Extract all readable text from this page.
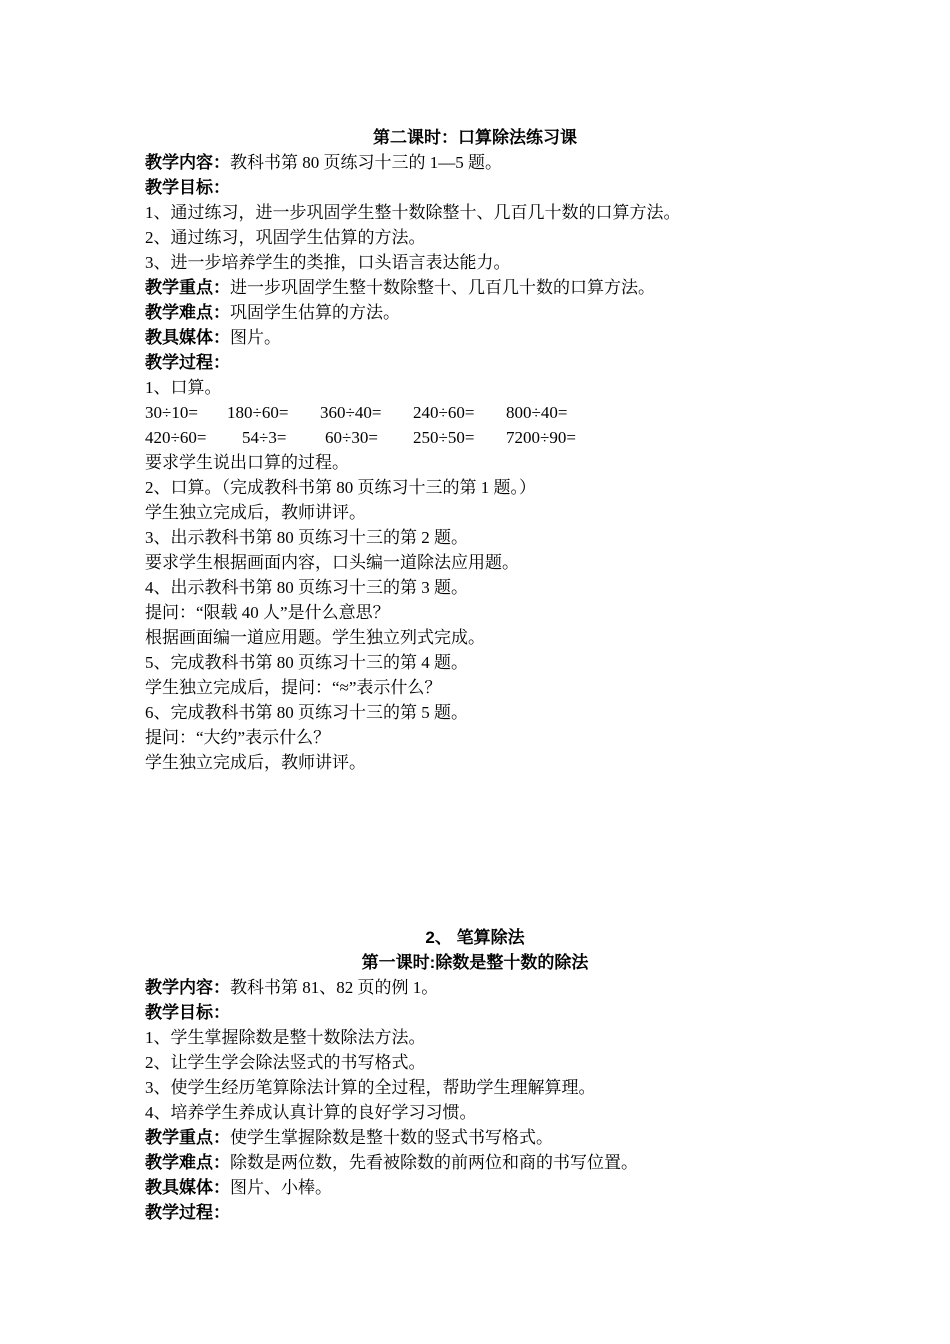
第二课时：口算除法练习课
教学内容：教科书第 80 页练习十三的 1—5 题。
教学目标：
1、通过练习，进一步巩固学生整十数除整十、几百几十数的口算方法。
2、通过练习，巩固学生估算的方法。
3、进一步培养学生的类推，口头语言表达能力。
教学重点：进一步巩固学生整十数除整十、几百几十数的口算方法。
教学难点：巩固学生估算的方法。
教具媒体：图片。
教学过程：
1、口算。
30÷10= 180÷60= 360÷40= 240÷60= 800÷40=
420÷60= 54÷3= 60÷30= 250÷50= 7200÷90=
要求学生说出口算的过程。
2、口算。（完成教科书第 80 页练习十三的第 1 题。）
学生独立完成后，教师讲评。
3、出示教科书第 80 页练习十三的第 2 题。
要求学生根据画面内容，口头编一道除法应用题。
4、出示教科书第 80 页练习十三的第 3 题。
提问：“限载 40 人”是什么意思？
根据画面编一道应用题。学生独立列式完成。
5、完成教科书第 80 页练习十三的第 4 题。
学生独立完成后，提问：“≈”表示什么？
6、完成教科书第 80 页练习十三的第 5 题。
提问：“大约”表示什么？
学生独立完成后，教师讲评。
2、 笔算除法
第一课时:除数是整十数的除法
教学内容：教科书第 81、82 页的例 1。
教学目标：
1、学生掌握除数是整十数除法方法。
2、让学生学会除法竖式的书写格式。
3、使学生经历笔算除法计算的全过程，帮助学生理解算理。
4、培养学生养成认真计算的良好学习习惯。
教学重点：使学生掌握除数是整十数的竖式书写格式。
教学难点：除数是两位数，先看被除数的前两位和商的书写位置。
教具媒体：图片、小棒。
教学过程：
